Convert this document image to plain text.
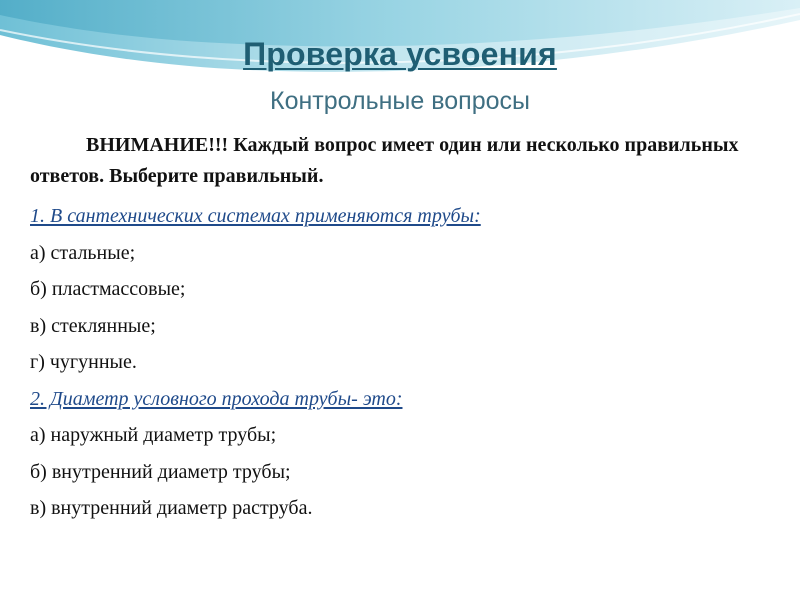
Проверка усвоения
Контрольные вопросы

ВНИМАНИЕ!!! Каждый вопрос имеет один или несколько правильных ответов. Выберите правильный.

1. В сантехнических системах применяются трубы:
а) стальные;
б) пластмассовые;
в) стеклянные;
г) чугунные.
2. Диаметр условного прохода трубы- это:
а) наружный диаметр трубы;
б) внутренний диаметр трубы;
в) внутренний диаметр раструба.
